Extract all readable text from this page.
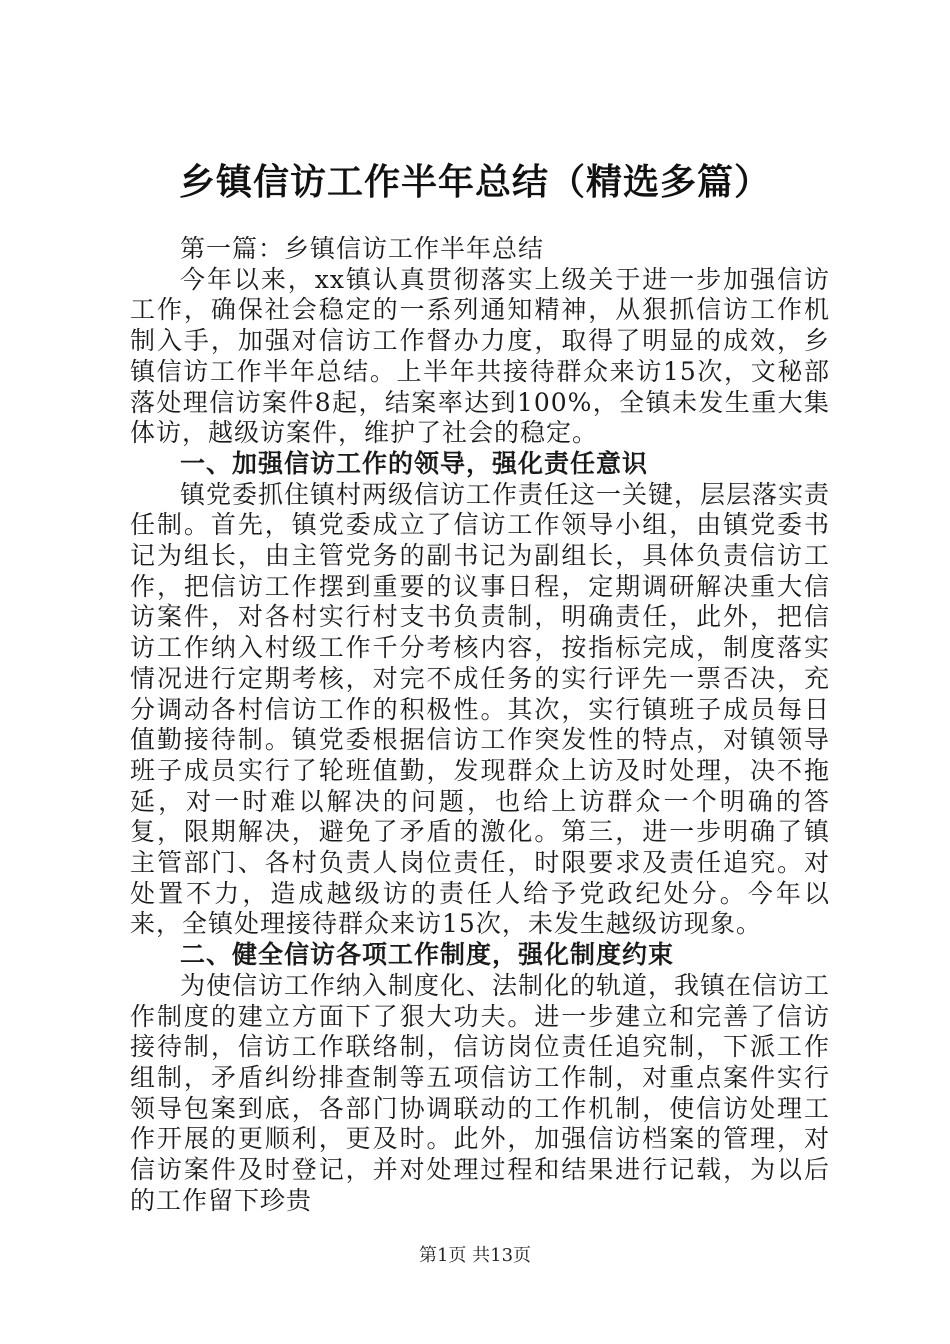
乡镇信访工作半年总结（精选多篇）

第一篇：乡镇信访工作半年总结

今年以来，xx镇认真贯彻落实上级关于进一步加强信访工作，确保社会稳定的一系列通知精神，从狠抓信访工作机制入手，加强对信访工作督办力度，取得了明显的成效，乡镇信访工作半年总结。上半年共接待群众来访15次，文秘部落处理信访案件8起，结案率达到100%，全镇未发生重大集体访，越级访案件，维护了社会的稳定。

一、加强信访工作的领导，强化责任意识

镇党委抓住镇村两级信访工作责任这一关键，层层落实责任制。首先，镇党委成立了信访工作领导小组，由镇党委书记为组长，由主管党务的副书记为副组长，具体负责信访工作，把信访工作摆到重要的议事日程，定期调研解决重大信访案件，对各村实行村支书负责制，明确责任，此外，把信访工作纳入村级工作千分考核内容，按指标完成，制度落实情况进行定期考核，对完不成任务的实行评先一票否决，充分调动各村信访工作的积极性。其次，实行镇班子成员每日值勤接待制。镇党委根据信访工作突发性的特点，对镇领导班子成员实行了轮班值勤，发现群众上访及时处理，决不拖延，对一时难以解决的问题，也给上访群众一个明确的答复，限期解决，避免了矛盾的激化。第三，进一步明确了镇主管部门、各村负责人岗位责任，时限要求及责任追究。对处置不力，造成越级访的责任人给予党政纪处分。今年以来，全镇处理接待群众来访15次，未发生越级访现象。

二、健全信访各项工作制度，强化制度约束

为使信访工作纳入制度化、法制化的轨道，我镇在信访工作制度的建立方面下了狠大功夫。进一步建立和完善了信访接待制，信访工作联络制，信访岗位责任追究制，下派工作组制，矛盾纠纷排查制等五项信访工作制，对重点案件实行领导包案到底，各部门协调联动的工作机制，使信访处理工作开展的更顺利，更及时。此外，加强信访档案的管理，对信访案件及时登记，并对处理过程和结果进行记载，为以后的工作留下珍贵

第1页 共13页
